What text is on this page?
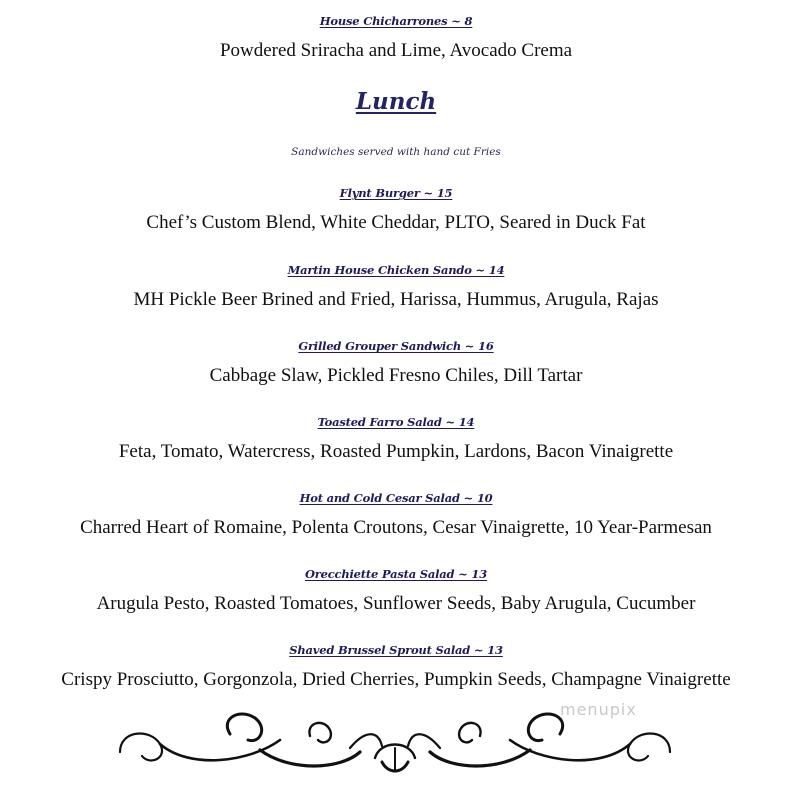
House Chicharrones ~ 8
Powdered Sriracha and Lime, Avocado Crema
Lunch
Sandwiches served with hand cut Fries
Flynt Burger ~ 15
Chef’s Custom Blend, White Cheddar, PLTO, Seared in Duck Fat
Martin House Chicken Sando ~ 14
MH Pickle Beer Brined and Fried, Harissa, Hummus, Arugula, Rajas
Grilled Grouper Sandwich ~ 16
Cabbage Slaw, Pickled Fresno Chiles, Dill Tartar
Toasted Farro Salad ~ 14
Feta, Tomato, Watercress, Roasted Pumpkin, Lardons, Bacon Vinaigrette
Hot and Cold Cesar Salad ~ 10
Charred Heart of Romaine, Polenta Croutons, Cesar Vinaigrette, 10 Year-Parmesan
Orecchiette Pasta Salad ~ 13
Arugula Pesto, Roasted Tomatoes, Sunflower Seeds, Baby Arugula, Cucumber
Shaved Brussel Sprout Salad ~ 13
Crispy Prosciutto, Gorgonzola, Dried Cherries, Pumpkin Seeds, Champagne Vinaigrette
menupix
